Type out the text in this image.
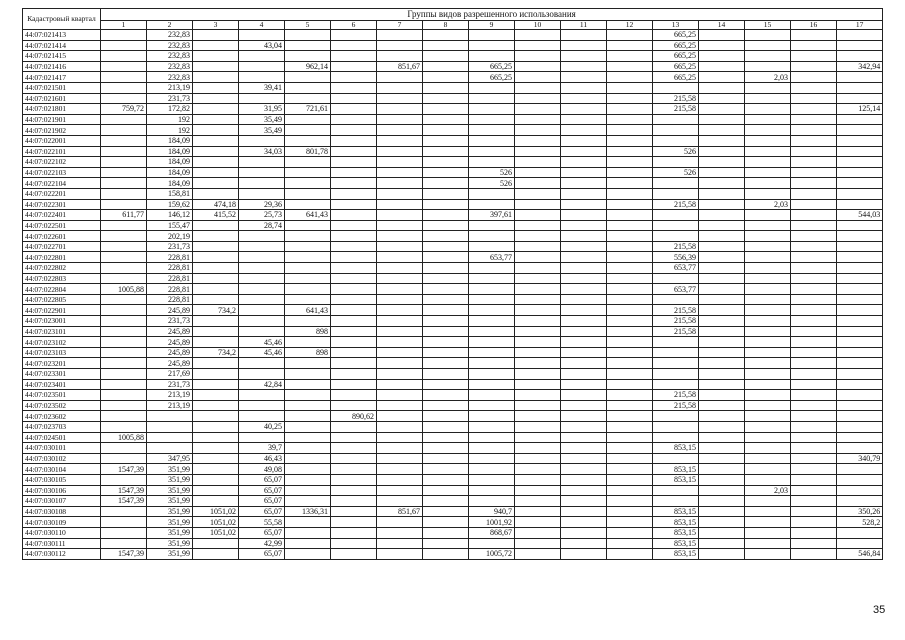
Кадастровый квартал	Группы видов разрешенного использования																
	1	2	3	4	5	6	7	8	9	10	11	12	13	14	15	16	17
44:07:021413		232,83											665,25				
44:07:021414		232,83		43,04									665,25				
44:07:021415		232,83											665,25				
44:07:021416		232,83			962,14		851,67		665,25				665,25				342,94
44:07:021417		232,83							665,25				665,25		2,03		
44:07:021501		213,19		39,41													
44:07:021601		231,73											215,58				
44:07:021801	759,72	172,82		31,95	721,61								215,58				125,14
44:07:021901		192		35,49													
44:07:021902		192		35,49													
44:07:022001		184,09															
44:07:022101		184,09		34,03	801,78								526				
44:07:022102		184,09															
44:07:022103		184,09							526				526				
44:07:022104		184,09							526								
44:07:022201		158,81															
44:07:022301		159,62	474,18	29,36									215,58		2,03		
44:07:022401	611,77	146,12	415,52	25,73	641,43				397,61								544,03
44:07:022501		155,47		28,74													
44:07:022601		202,19															
44:07:022701		231,73											215,58				
44:07:022801		228,81							653,77				556,39				
44:07:022802		228,81											653,77				
44:07:022803		228,81															
44:07:022804	1005,88	228,81											653,77				
44:07:022805		228,81															
44:07:022901		245,89	734,2		641,43								215,58				
44:07:023001		231,73											215,58				
44:07:023101		245,89			898								215,58				
44:07:023102		245,89		45,46													
44:07:023103		245,89	734,2	45,46	898												
44:07:023201		245,89															
44:07:023301		217,69															
44:07:023401		231,73		42,84													
44:07:023501		213,19											215,58				
44:07:023502		213,19											215,58				
44:07:023602						890,62											
44:07:023703				40,25													
44:07:024501	1005,88																
44:07:030101				39,7									853,15				
44:07:030102		347,95		46,43													340,79
44:07:030104	1547,39	351,99		49,08									853,15				
44:07:030105		351,99		65,07									853,15				
44:07:030106	1547,39	351,99		65,07											2,03		
44:07:030107	1547,39	351,99		65,07													
44:07:030108		351,99	1051,02	65,07	1336,31		851,67		940,7				853,15				350,26
44:07:030109		351,99	1051,02	55,58					1001,92				853,15				528,2
44:07:030110		351,99	1051,02	65,07					868,67				853,15				
44:07:030111		351,99		42,99									853,15				
44:07:030112	1547,39	351,99		65,07					1005,72				853,15				546,84
35
